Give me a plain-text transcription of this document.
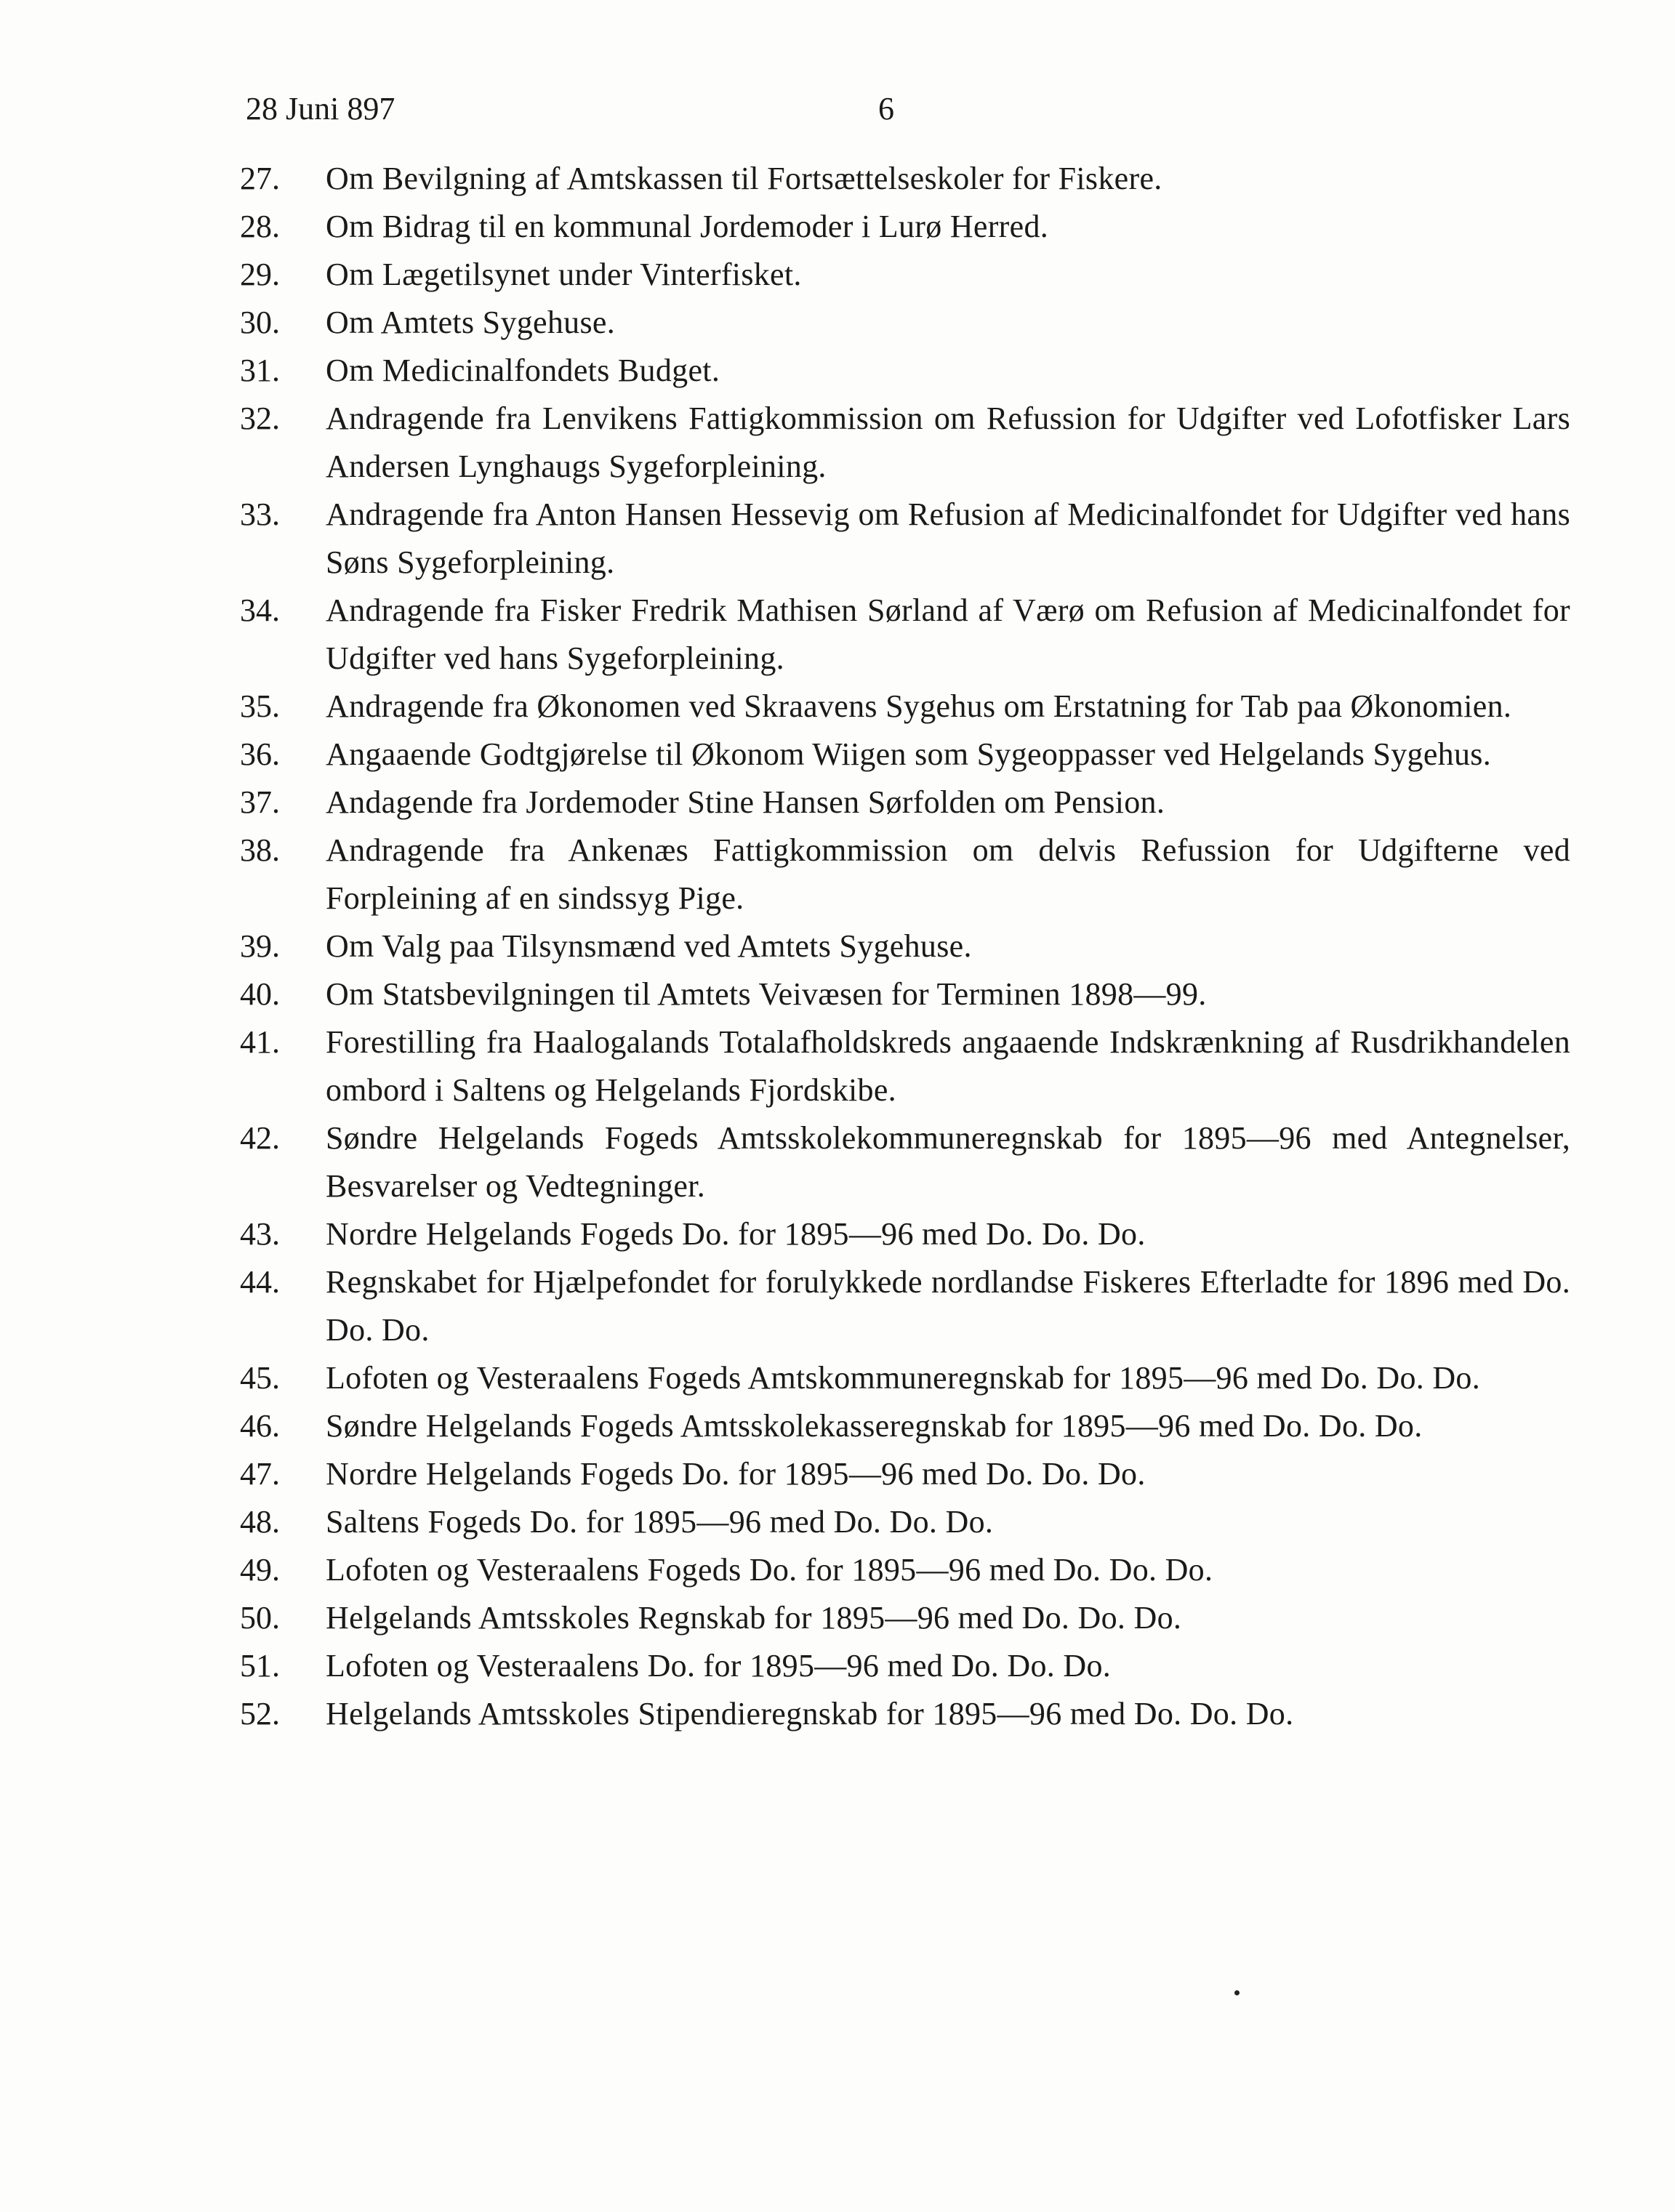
28 Juni 897	6
27.	Om Bevilgning af Amtskassen til Fortsættelseskoler for Fiskere.
28.	Om Bidrag til en kommunal Jordemoder i Lurø Herred.
29.	Om Lægetilsynet under Vinterfisket.
30.	Om Amtets Sygehuse.
31.	Om Medicinalfondets Budget.
32.	Andragende fra Lenvikens Fattigkommission om Refussion for Udgifter ved Lofotfisker Lars Andersen Lynghaugs Sygeforpleining.
33.	Andragende fra Anton Hansen Hessevig om Refusion af Medicinalfondet for Udgifter ved hans Søns Sygeforpleining.
34.	Andragende fra Fisker Fredrik Mathisen Sørland af Værø om Refusion af Medicinalfondet for Udgifter ved hans Sygeforpleining.
35.	Andragende fra Økonomen ved Skraavens Sygehus om Erstatning for Tab paa Økonomien.
36.	Angaaende Godtgjørelse til Økonom Wiigen som Sygeoppasser ved Helgelands Sygehus.
37.	Andagende fra Jordemoder Stine Hansen Sørfolden om Pension.
38.	Andragende fra Ankenæs Fattigkommission om delvis Refussion for Udgifterne ved Forpleining af en sindssyg Pige.
39.	Om Valg paa Tilsynsmænd ved Amtets Sygehuse.
40.	Om Statsbevilgningen til Amtets Veivæsen for Terminen 1898—99.
41.	Forestilling fra Haalogalands Totalafholdskreds angaaende Indskrænkning af Rusdrikhandelen ombord i Saltens og Helgelands Fjordskibe.
42.	Søndre Helgelands Fogeds Amtsskolekommuneregnskab for 1895—96 med Antegnelser, Besvarelser og Vedtegninger.
43.	Nordre Helgelands Fogeds Do. for 1895—96 med Do. Do. Do.
44.	Regnskabet for Hjælpefondet for forulykkede nordlandse Fiskeres Efterladte for 1896 med Do. Do. Do.
45.	Lofoten og Vesteraalens Fogeds Amtskommuneregnskab for 1895—96 med Do. Do. Do.
46.	Søndre Helgelands Fogeds Amtsskolekasseregnskab for 1895—96 med Do. Do. Do.
47.	Nordre Helgelands Fogeds Do. for 1895—96 med Do. Do. Do.
48.	Saltens Fogeds Do. for 1895—96 med Do. Do. Do.
49.	Lofoten og Vesteraalens Fogeds Do. for 1895—96 med Do. Do. Do.
50.	Helgelands Amtsskoles Regnskab for 1895—96 med Do. Do. Do.
51.	Lofoten og Vesteraalens Do. for 1895—96 med Do. Do. Do.
52.	Helgelands Amtsskoles Stipendieregnskab for 1895—96 med Do. Do. Do.
